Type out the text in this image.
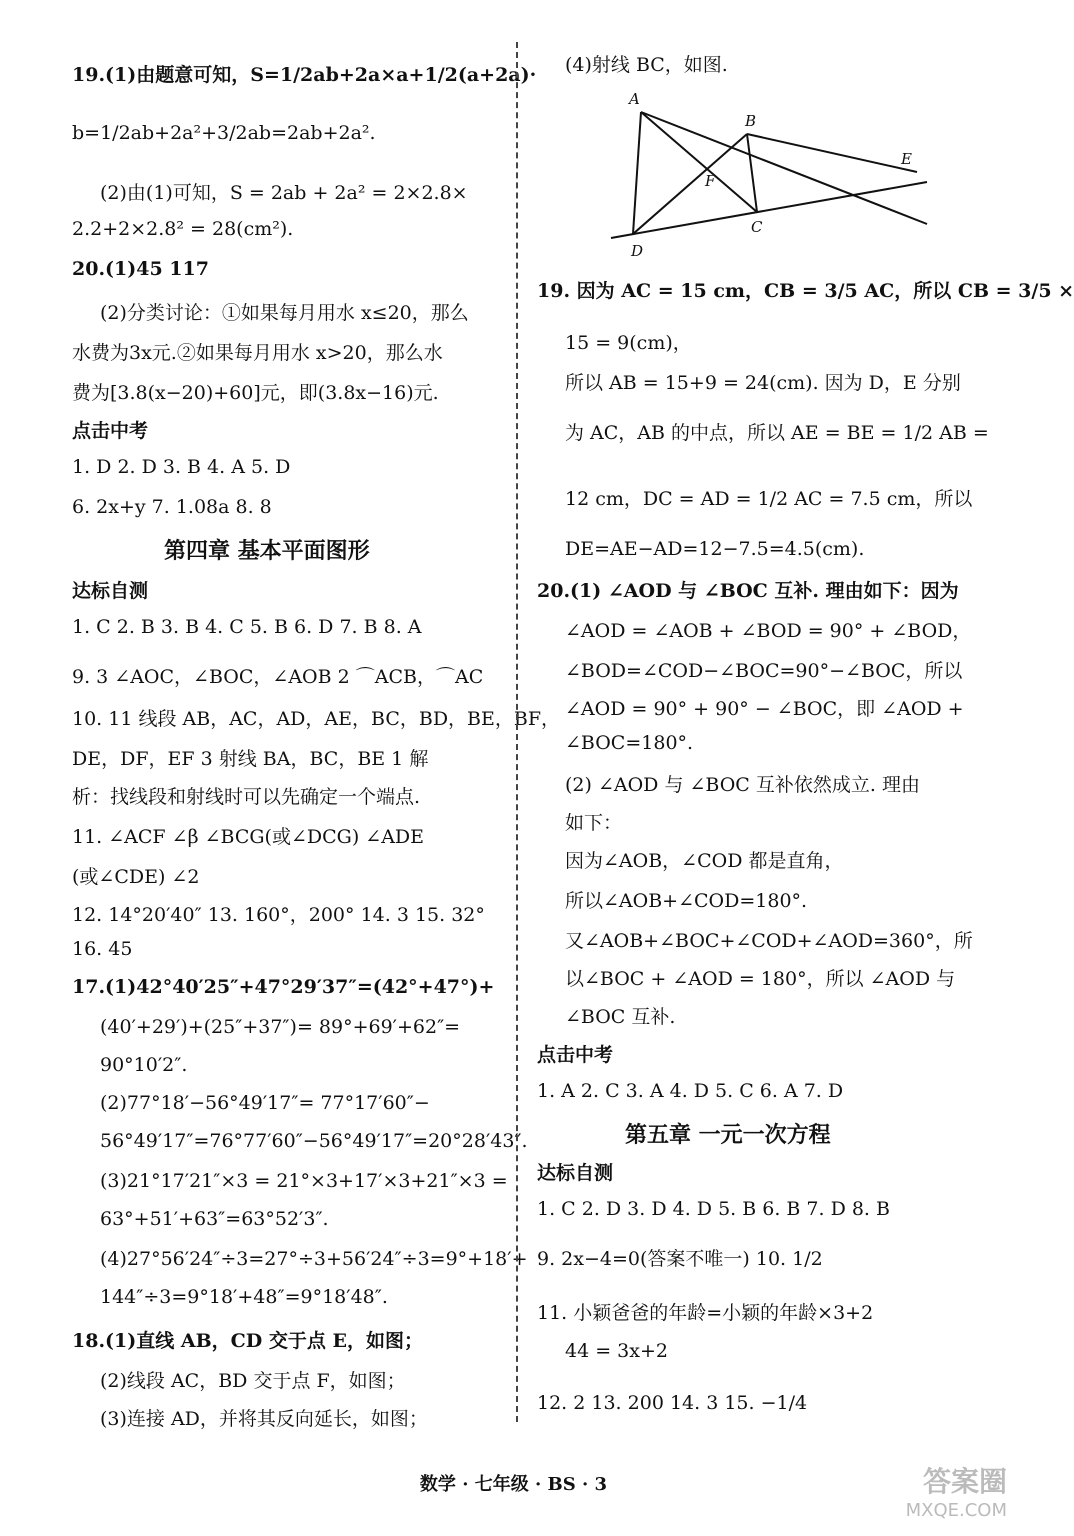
19.(1)由题意可知，S=1/2ab+2a×a+1/2(a+2a)·
b=1/2ab+2a²+3/2ab=2ab+2a².
(2)由(1)可知，S = 2ab + 2a² = 2×2.8×
2.2+2×2.8² = 28(cm²).
20.(1)45 117
(2)分类讨论：①如果每月用水 x≤20，那么
水费为3x元.②如果每月用水 x>20，那么水
费为[3.8(x−20)+60]元，即(3.8x−16)元.
点击中考
1. D 2. D 3. B 4. A 5. D
6. 2x+y 7. 1.08a 8. 8
第四章 基本平面图形
达标自测
1. C 2. B 3. B 4. C 5. B 6. D 7. B 8. A
9. 3 ∠AOC，∠BOC，∠AOB 2 ⌒ACB，⌒AC
10. 11 线段 AB，AC，AD，AE，BC，BD，BE，BF，
DE，DF，EF 3 射线 BA，BC，BE 1 解
析：找线段和射线时可以先确定一个端点.
11. ∠ACF ∠β ∠BCG(或∠DCG) ∠ADE
(或∠CDE) ∠2
12. 14°20′40″ 13. 160°，200° 14. 3 15. 32°
16. 45
17.(1)42°40′25″+47°29′37″=(42°+47°)+
(40′+29′)+(25″+37″)= 89°+69′+62″=
90°10′2″.
(2)77°18′−56°49′17″= 77°17′60″−
56°49′17″=76°77′60″−56°49′17″=20°28′43″.
(3)21°17′21″×3 = 21°×3+17′×3+21″×3 =
63°+51′+63″=63°52′3″.
(4)27°56′24″÷3=27°÷3+56′24″÷3=9°+18′+
144″÷3=9°18′+48″=9°18′48″.
18.(1)直线 AB，CD 交于点 E，如图；
(2)线段 AC，BD 交于点 F，如图；
(3)连接 AD，并将其反向延长，如图；
A
B
C
D
E
F
(4)射线 BC，如图.
19. 因为 AC = 15 cm，CB = 3/5 AC，所以 CB = 3/5 ×
15 = 9(cm)，
所以 AB = 15+9 = 24(cm). 因为 D，E 分别
为 AC，AB 的中点，所以 AE = BE = 1/2 AB =
12 cm，DC = AD = 1/2 AC = 7.5 cm，所以
DE=AE−AD=12−7.5=4.5(cm).
20.(1) ∠AOD 与 ∠BOC 互补. 理由如下：因为
∠AOD = ∠AOB + ∠BOD = 90° + ∠BOD，
∠BOD=∠COD−∠BOC=90°−∠BOC，所以
∠AOD = 90° + 90° − ∠BOC，即 ∠AOD +
∠BOC=180°.
(2) ∠AOD 与 ∠BOC 互补依然成立. 理由
如下：
因为∠AOB，∠COD 都是直角，
所以∠AOB+∠COD=180°.
又∠AOB+∠BOC+∠COD+∠AOD=360°，所
以∠BOC + ∠AOD = 180°，所以 ∠AOD 与
∠BOC 互补.
点击中考
1. A 2. C 3. A 4. D 5. C 6. A 7. D
第五章 一元一次方程
达标自测
1. C 2. D 3. D 4. D 5. B 6. B 7. D 8. B
9. 2x−4=0(答案不唯一) 10. 1/2
11. 小颖爸爸的年龄=小颖的年龄×3+2
44 = 3x+2
12. 2 13. 200 14. 3 15. −1/4
数学 · 七年级 · BS · 3	答案圈
MXQE.COM
